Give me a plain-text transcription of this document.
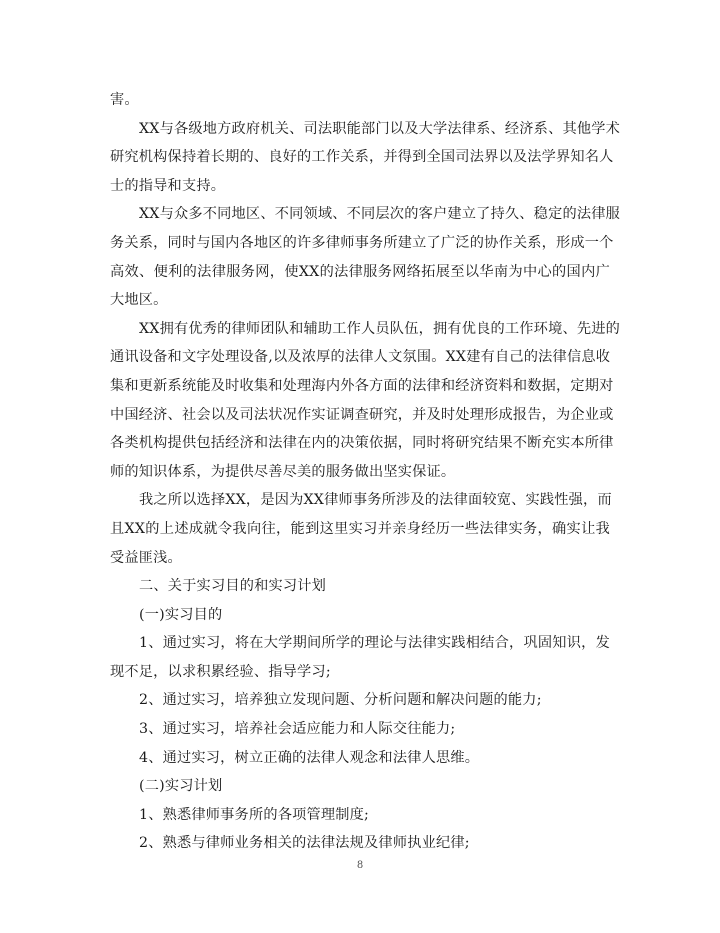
害。

XX与各级地方政府机关、司法职能部门以及大学法律系、经济系、其他学术
研究机构保持着长期的、良好的工作关系，并得到全国司法界以及法学界知名人
士的指导和支持。

XX与众多不同地区、不同领域、不同层次的客户建立了持久、稳定的法律服
务关系，同时与国内各地区的许多律师事务所建立了广泛的协作关系，形成一个
高效、便利的法律服务网，使XX的法律服务网络拓展至以华南为中心的国内广
大地区。

XX拥有优秀的律师团队和辅助工作人员队伍，拥有优良的工作环境、先进的
通讯设备和文字处理设备,以及浓厚的法律人文氛围。XX建有自己的法律信息收
集和更新系统能及时收集和处理海内外各方面的法律和经济资料和数据，定期对
中国经济、社会以及司法状况作实证调查研究，并及时处理形成报告，为企业或
各类机构提供包括经济和法律在内的决策依据，同时将研究结果不断充实本所律
师的知识体系，为提供尽善尽美的服务做出坚实保证。

我之所以选择XX，是因为XX律师事务所涉及的法律面较宽、实践性强，而
且XX的上述成就令我向往，能到这里实习并亲身经历一些法律实务，确实让我
受益匪浅。

二、关于实习目的和实习计划

(一)实习目的

1、通过实习，将在大学期间所学的理论与法律实践相结合，巩固知识，发
现不足，以求积累经验、指导学习;

2、通过实习，培养独立发现问题、分析问题和解决问题的能力;

3、通过实习，培养社会适应能力和人际交往能力;

4、通过实习，树立正确的法律人观念和法律人思维。

(二)实习计划

1、熟悉律师事务所的各项管理制度;

2、熟悉与律师业务相关的法律法规及律师执业纪律;

8
